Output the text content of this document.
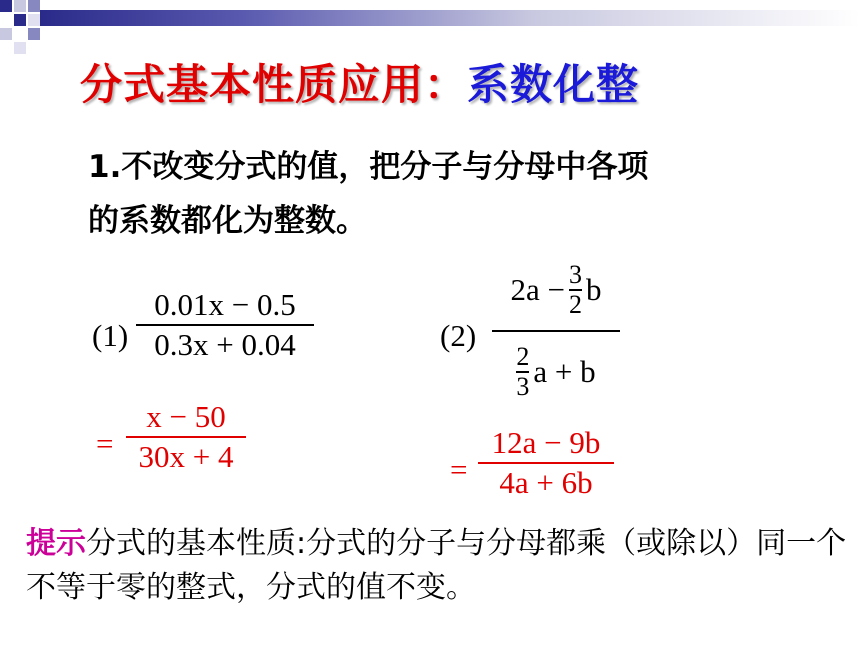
分式基本性质应用：系数化整
1.不改变分式的值，把分子与分母中各项
的系数都化为整数。
(1)
0.01x − 0.5
0.3x + 0.04
=
x − 50
30x + 4
(2)
$2a - \frac{3}{2}$ b
$\frac{2}{3}$ a + b
=
12a − 9b
4a + 6b
提示分式的基本性质:分式的分子与分母都乘（或除以）同一个不等于零的整式，分式的值不变。
